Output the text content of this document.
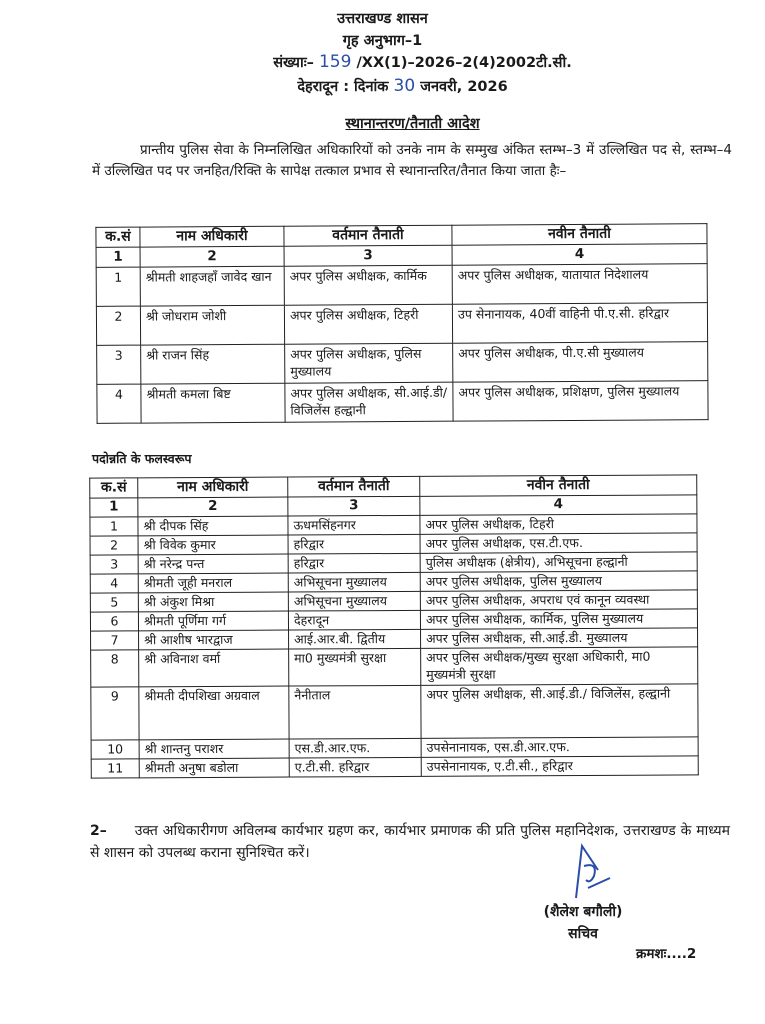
उत्तराखण्ड शासन
गृह अनुभाग–1
संख्याः– 159 /XX(1)–2026–2(4)2002टी.सी.
देहरादून : दिनांक 30 जनवरी, 2026
स्थानान्तरण/तैनाती आदेश
प्रान्तीय पुलिस सेवा के निम्नलिखित अधिकारियों को उनके नाम के सम्मुख अंकित स्तम्भ–3 में उल्लिखित पद से, स्तम्भ–4 में उल्लिखित पद पर जनहित/रिक्ति के सापेक्ष तत्काल प्रभाव से स्थानान्तरित/तैनात किया जाता हैः–
क.सं	नाम अधिकारी	वर्तमान तैनाती	नवीन तैनाती
1	2	3	4
1	श्रीमती शाहजहाँ जावेद खान	अपर पुलिस अधीक्षक, कार्मिक	अपर पुलिस अधीक्षक, यातायात निदेशालय
2	श्री जोधराम जोशी	अपर पुलिस अधीक्षक, टिहरी	उप सेनानायक, 40वीं वाहिनी पी.ए.सी. हरिद्वार
3	श्री राजन सिंह	अपर पुलिस अधीक्षक, पुलिस मुख्यालय	अपर पुलिस अधीक्षक, पी.ए.सी मुख्यालय
4	श्रीमती कमला बिष्ट	अपर पुलिस अधीक्षक, सी.आई.डी/विजिलेंस हल्द्वानी	अपर पुलिस अधीक्षक, प्रशिक्षण, पुलिस मुख्यालय
पदोन्नति के फलस्वरूप
क.सं	नाम अधिकारी	वर्तमान तैनाती	नवीन तैनाती
1	2	3	4
1	श्री दीपक सिंह	ऊधमसिंहनगर	अपर पुलिस अधीक्षक, टिहरी
2	श्री विवेक कुमार	हरिद्वार	अपर पुलिस अधीक्षक, एस.टी.एफ.
3	श्री नरेन्द्र पन्त	हरिद्वार	पुलिस अधीक्षक (क्षेत्रीय), अभिसूचना हल्द्वानी
4	श्रीमती जूही मनराल	अभिसूचना मुख्यालय	अपर पुलिस अधीक्षक, पुलिस मुख्यालय
5	श्री अंकुश मिश्रा	अभिसूचना मुख्यालय	अपर पुलिस अधीक्षक, अपराध एवं कानून व्यवस्था
6	श्रीमती पूर्णिमा गर्ग	देहरादून	अपर पुलिस अधीक्षक, कार्मिक, पुलिस मुख्यालय
7	श्री आशीष भारद्वाज	आई.आर.बी. द्वितीय	अपर पुलिस अधीक्षक, सी.आई.डी. मुख्यालय
8	श्री अविनाश वर्मा	मा0 मुख्यमंत्री सुरक्षा	अपर पुलिस अधीक्षक/मुख्य सुरक्षा अधिकारी, मा0 मुख्यमंत्री सुरक्षा
9	श्रीमती दीपशिखा अग्रवाल	नैनीताल	अपर पुलिस अधीक्षक, सी.आई.डी./ विजिलेंस, हल्द्वानी
10	श्री शान्तनु पराशर	एस.डी.आर.एफ.	उपसेनानायक, एस.डी.आर.एफ.
11	श्रीमती अनुषा बडोला	ए.टी.सी. हरिद्वार	उपसेनानायक, ए.टी.सी., हरिद्वार
2– उक्त अधिकारीगण अविलम्ब कार्यभार ग्रहण कर, कार्यभार प्रमाणक की प्रति पुलिस महानिदेशक, उत्तराखण्ड के माध्यम से शासन को उपलब्ध कराना सुनिश्चित करें।
(शैलेश बगौली)
सचिव
क्रमशः....2
